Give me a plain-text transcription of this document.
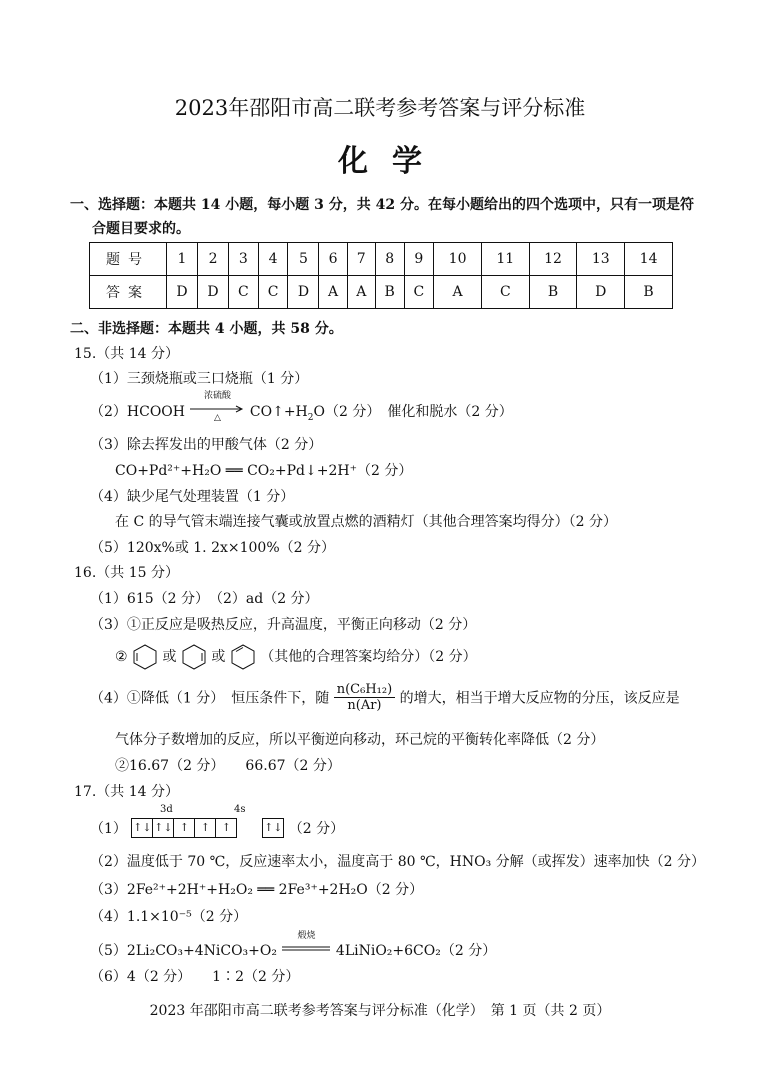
2023年邵阳市高二联考参考答案与评分标准
化学
一、选择题：本题共 14 小题，每小题 3 分，共 42 分。在每小题给出的四个选项中，只有一项是符
合题目要求的。
题号	1	2	3	4	5	6	7	8	9	10	11	12	13	14
答案	D	D	C	C	D	A	A	B	C	A	C	B	D	B
二、非选择题：本题共 4 小题，共 58 分。
15.（共 14 分）
（1）三颈烧瓶或三口烧瓶（1 分）
（2）HCOOH
浓硫酸
△	$CO↑+H_2O(2$ 分）　催化和脱水（2 分）
（3）除去挥发出的甲酸气体（2 分）
CO+Pd²⁺+H₂O ══ CO₂+Pd↓+2H⁺（2 分）
（4）缺少尾气处理装置（1 分）
在 C 的导气管末端连接气囊或放置点燃的酒精灯（其他合理答案均得分）（2 分）
（5）120x%或 1. 2x×100%（2 分）
16.（共 15 分）
（1）615（2 分）　（2）ad（2 分）
（3）①正反应是吸热反应，升高温度，平衡正向移动（2 分）
② 或 或 （其他的合理答案均给分）（2 分）
（4）①降低（1 分）　恒压条件下，随 $\frac{\text{n(C₆H₁₂)}}{n(Ar)}$ 的增大，相当于增大反应物的分压，该反应是
气体分子数增加的反应，所以平衡逆向移动，环己烷的平衡转化率降低（2 分）
②16.67（2 分）　　66.67（2 分）
17.（共 14 分）
3d	4s
（1） ↑↓ ↑↓ ↑ ↑ ↑	↑↓ （2 分）
（2）温度低于 70 ℃，反应速率太小，温度高于 80 ℃，HNO₃ 分解（或挥发）速率加快（2 分）
（3）2Fe²⁺+2H⁺+H₂O₂ ══ 2Fe³⁺+2H₂O（2 分）
（4）1.1×10⁻⁵（2 分）
（5）2Li₂CO₃+4NiCO₃+O₂
煅烧
4LiNiO₂+6CO₂（2 分）
（6）4（2 分）　　1∶2（2 分）
2023 年邵阳市高二联考参考答案与评分标准（化学）　第 1 页（共 2 页）
